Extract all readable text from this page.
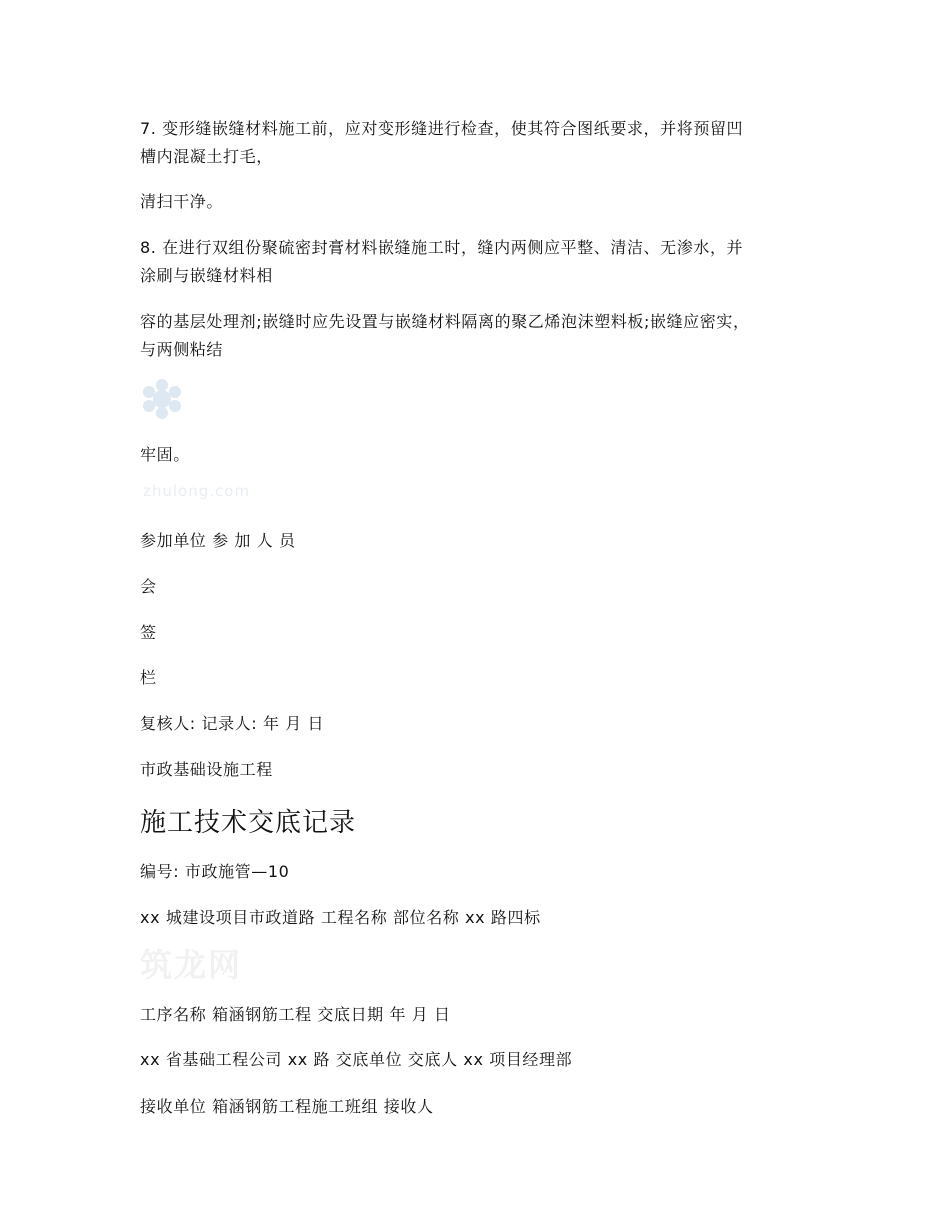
7. 变形缝嵌缝材料施工前，应对变形缝进行检查，使其符合图纸要求，并将预留凹

槽内混凝土打毛，

清扫干净。

8. 在进行双组份聚硫密封膏材料嵌缝施工时，缝内两侧应平整、清洁、无渗水，并

涂刷与嵌缝材料相

容的基层处理剂;嵌缝时应先设置与嵌缝材料隔离的聚乙烯泡沫塑料板;嵌缝应密实，

与两侧粘结

牢固。

zhulong.com

参加单位 参 加 人 员

会

签

栏

复核人: 记录人: 年 月 日

市政基础设施工程

施工技术交底记录

编号: 市政施管—10

xx 城建设项目市政道路 工程名称 部位名称 xx 路四标

筑龙网

工序名称 箱涵钢筋工程 交底日期 年 月 日

xx 省基础工程公司 xx 路 交底单位 交底人 xx 项目经理部

接收单位 箱涵钢筋工程施工班组 接收人
